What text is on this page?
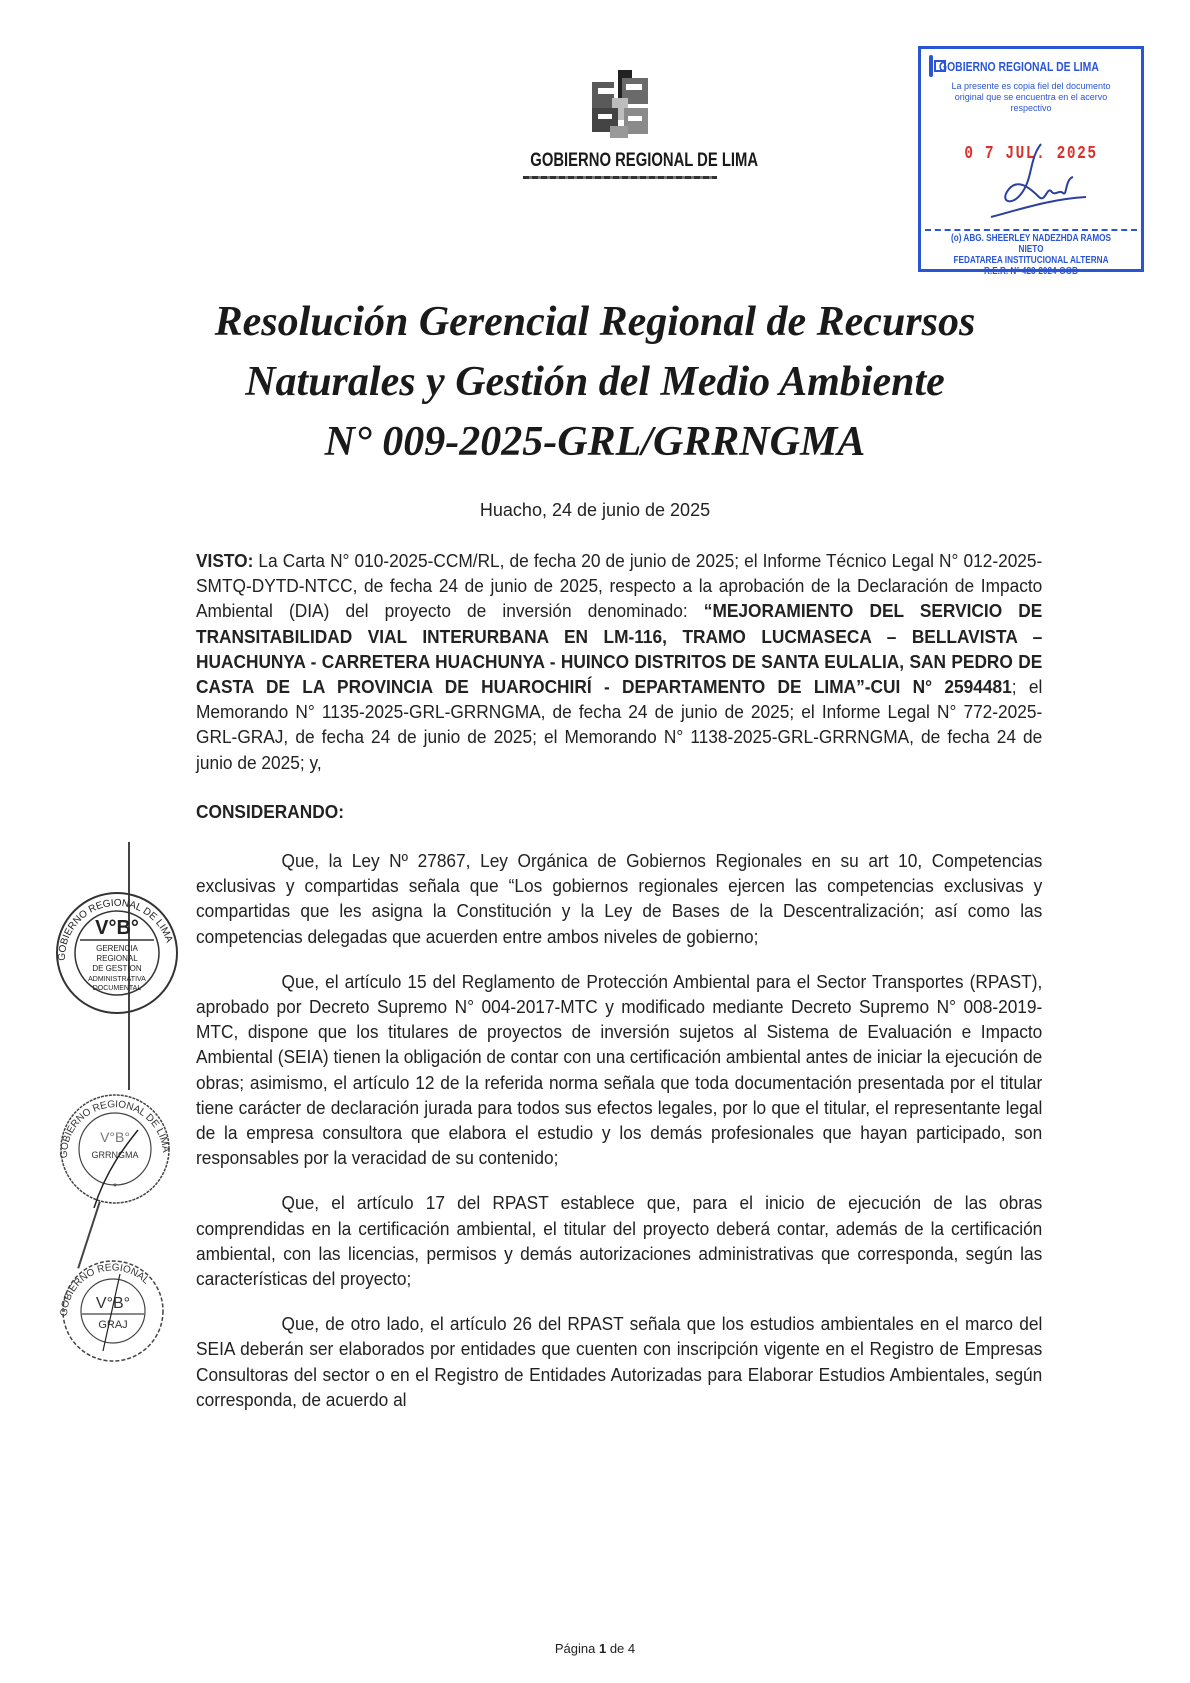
GOBIERNO REGIONAL DE LIMA
GOBIERNO REGIONAL DE LIMA
La presente es copia fiel del documento
original que se encuentra en el acervo
respectivo
0 7 JUL. 2025
(o) ABG. SHEERLEY NADEZHDA RAMOS NIETO
FEDATAREA INSTITUCIONAL ALTERNA
R.E.R. N° 423-2024-GOB
Resolución Gerencial Regional de Recursos
Naturales y Gestión del Medio Ambiente
N° 009-2025-GRL/GRRNGMA
Huacho, 24 de junio de 2025

VISTO: La Carta N° 010-2025-CCM/RL, de fecha 20 de junio de 2025; el Informe Técnico Legal N° 012-2025-SMTQ-DYTD-NTCC, de fecha 24 de junio de 2025, respecto a la aprobación de la Declaración de Impacto Ambiental (DIA) del proyecto de inversión denominado: “MEJORAMIENTO DEL SERVICIO DE TRANSITABILIDAD VIAL INTERURBANA EN LM-116, TRAMO LUCMASECA – BELLAVISTA – HUACHUNYA - CARRETERA HUACHUNYA - HUINCO DISTRITOS DE SANTA EULALIA, SAN PEDRO DE CASTA DE LA PROVINCIA DE HUAROCHIRÍ - DEPARTAMENTO DE LIMA”-CUI N° 2594481; el Memorando N° 1135-2025-GRL-GRRNGMA, de fecha 24 de junio de 2025; el Informe Legal N° 772-2025-GRL-GRAJ, de fecha 24 de junio de 2025; el Memorando N° 1138-2025-GRL-GRRNGMA, de fecha 24 de junio de 2025; y,

CONSIDERANDO:

Que, la Ley Nº 27867, Ley Orgánica de Gobiernos Regionales en su art 10, Competencias exclusivas y compartidas señala que “Los gobiernos regionales ejercen las competencias exclusivas y compartidas que les asigna la Constitución y la Ley de Bases de la Descentralización; así como las competencias delegadas que acuerden entre ambos niveles de gobierno;

Que, el artículo 15 del Reglamento de Protección Ambiental para el Sector Transportes (RPAST), aprobado por Decreto Supremo N° 004-2017-MTC y modificado mediante Decreto Supremo N° 008-2019-MTC, dispone que los titulares de proyectos de inversión sujetos al Sistema de Evaluación e Impacto Ambiental (SEIA) tienen la obligación de contar con una certificación ambiental antes de iniciar la ejecución de obras; asimismo, el artículo 12 de la referida norma señala que toda documentación presentada por el titular tiene carácter de declaración jurada para todos sus efectos legales, por lo que el titular, el representante legal de la empresa consultora que elabora el estudio y los demás profesionales que hayan participado, son responsables por la veracidad de su contenido;

Que, el artículo 17 del RPAST establece que, para el inicio de ejecución de las obras comprendidas en la certificación ambiental, el titular del proyecto deberá contar, además de la certificación ambiental, con las licencias, permisos y demás autorizaciones administrativas que corresponda, según las características del proyecto;

Que, de otro lado, el artículo 26 del RPAST señala que los estudios ambientales en el marco del SEIA deberán ser elaborados por entidades que cuenten con inscripción vigente en el Registro de Empresas Consultoras del sector o en el Registro de Entidades Autorizadas para Elaborar Estudios Ambientales, según corresponda, de acuerdo al

V°B°
GERENCIA
REGIONAL
DE GESTION
ADMINISTRATIVA
DOCUMENTAL
GOBIERNO REGIONAL DE LIMA
V°B°
GRRNGMA
*
GOBIERNO REGIONAL DE LIMA
V°B°
GRAJ
GOBIERNO REGIONAL
Página 1 de 4
